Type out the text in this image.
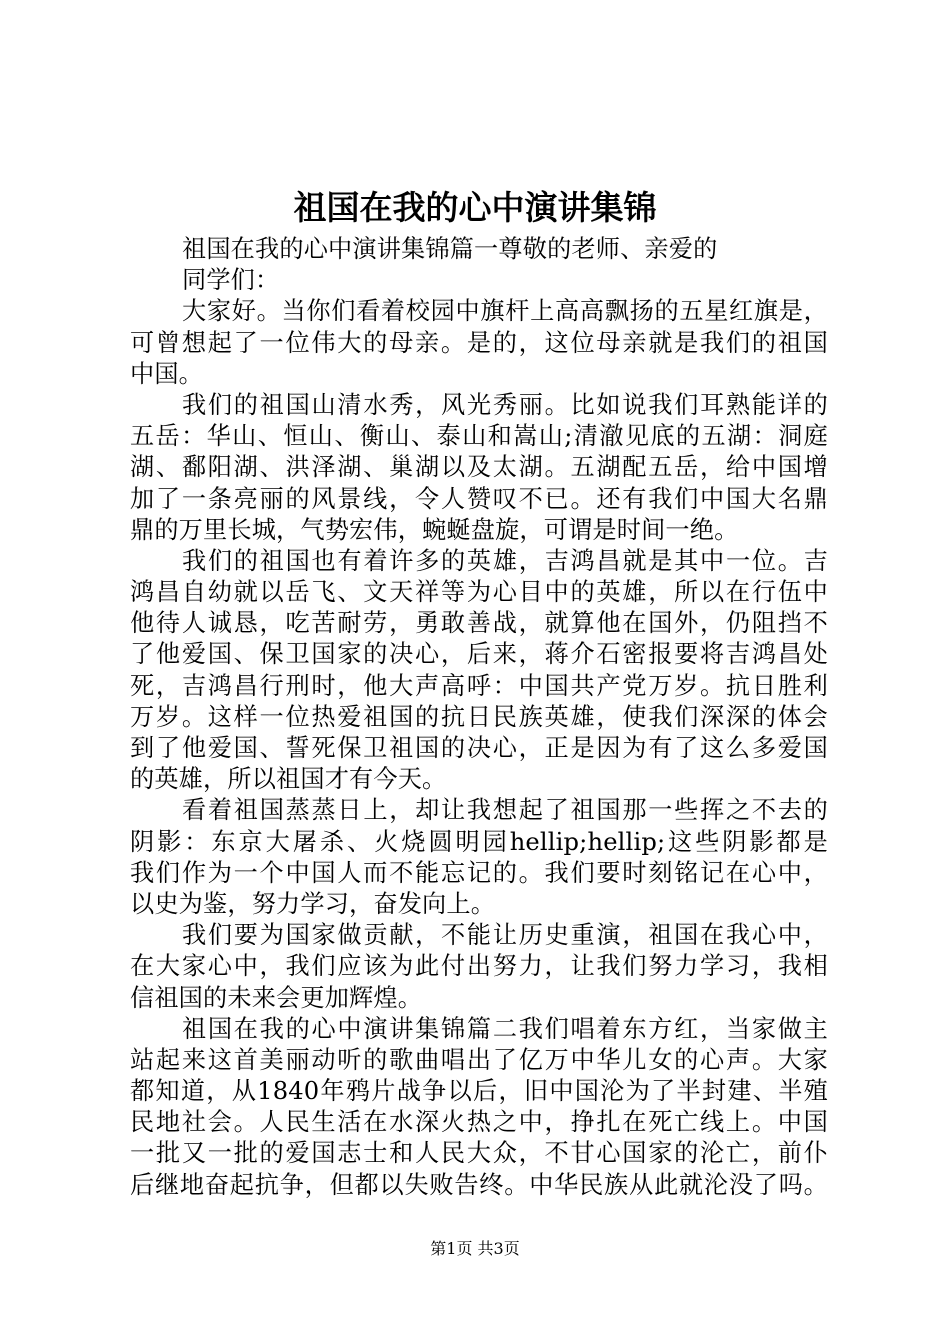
祖国在我的心中演讲集锦
祖国在我的心中演讲集锦篇一尊敬的老师、亲爱的
同学们：
大家好。当你们看着校园中旗杆上高高飘扬的五星红旗是，
可曾想起了一位伟大的母亲。是的，这位母亲就是我们的祖国
中国。
我们的祖国山清水秀，风光秀丽。比如说我们耳熟能详的
五岳：华山、恒山、衡山、泰山和嵩山;清澈见底的五湖：洞庭
湖、鄱阳湖、洪泽湖、巢湖以及太湖。五湖配五岳，给中国增
加了一条亮丽的风景线，令人赞叹不已。还有我们中国大名鼎
鼎的万里长城，气势宏伟，蜿蜒盘旋，可谓是时间一绝。
我们的祖国也有着许多的英雄，吉鸿昌就是其中一位。吉
鸿昌自幼就以岳飞、文天祥等为心目中的英雄，所以在行伍中
他待人诚恳，吃苦耐劳，勇敢善战，就算他在国外，仍阻挡不
了他爱国、保卫国家的决心，后来，蒋介石密报要将吉鸿昌处
死，吉鸿昌行刑时，他大声高呼：中国共产党万岁。抗日胜利
万岁。这样一位热爱祖国的抗日民族英雄，使我们深深的体会
到了他爱国、誓死保卫祖国的决心，正是因为有了这么多爱国
的英雄，所以祖国才有今天。
看着祖国蒸蒸日上，却让我想起了祖国那一些挥之不去的
阴影：东京大屠杀、火烧圆明园hellip;hellip;这些阴影都是
我们作为一个中国人而不能忘记的。我们要时刻铭记在心中，
以史为鉴，努力学习，奋发向上。
我们要为国家做贡献，不能让历史重演，祖国在我心中，
在大家心中，我们应该为此付出努力，让我们努力学习，我相
信祖国的未来会更加辉煌。
祖国在我的心中演讲集锦篇二我们唱着东方红，当家做主
站起来这首美丽动听的歌曲唱出了亿万中华儿女的心声。大家
都知道，从1840年鸦片战争以后，旧中国沦为了半封建、半殖
民地社会。人民生活在水深火热之中，挣扎在死亡线上。中国
一批又一批的爱国志士和人民大众，不甘心国家的沦亡，前仆
后继地奋起抗争，但都以失败告终。中华民族从此就沦没了吗。
第1页 共3页
